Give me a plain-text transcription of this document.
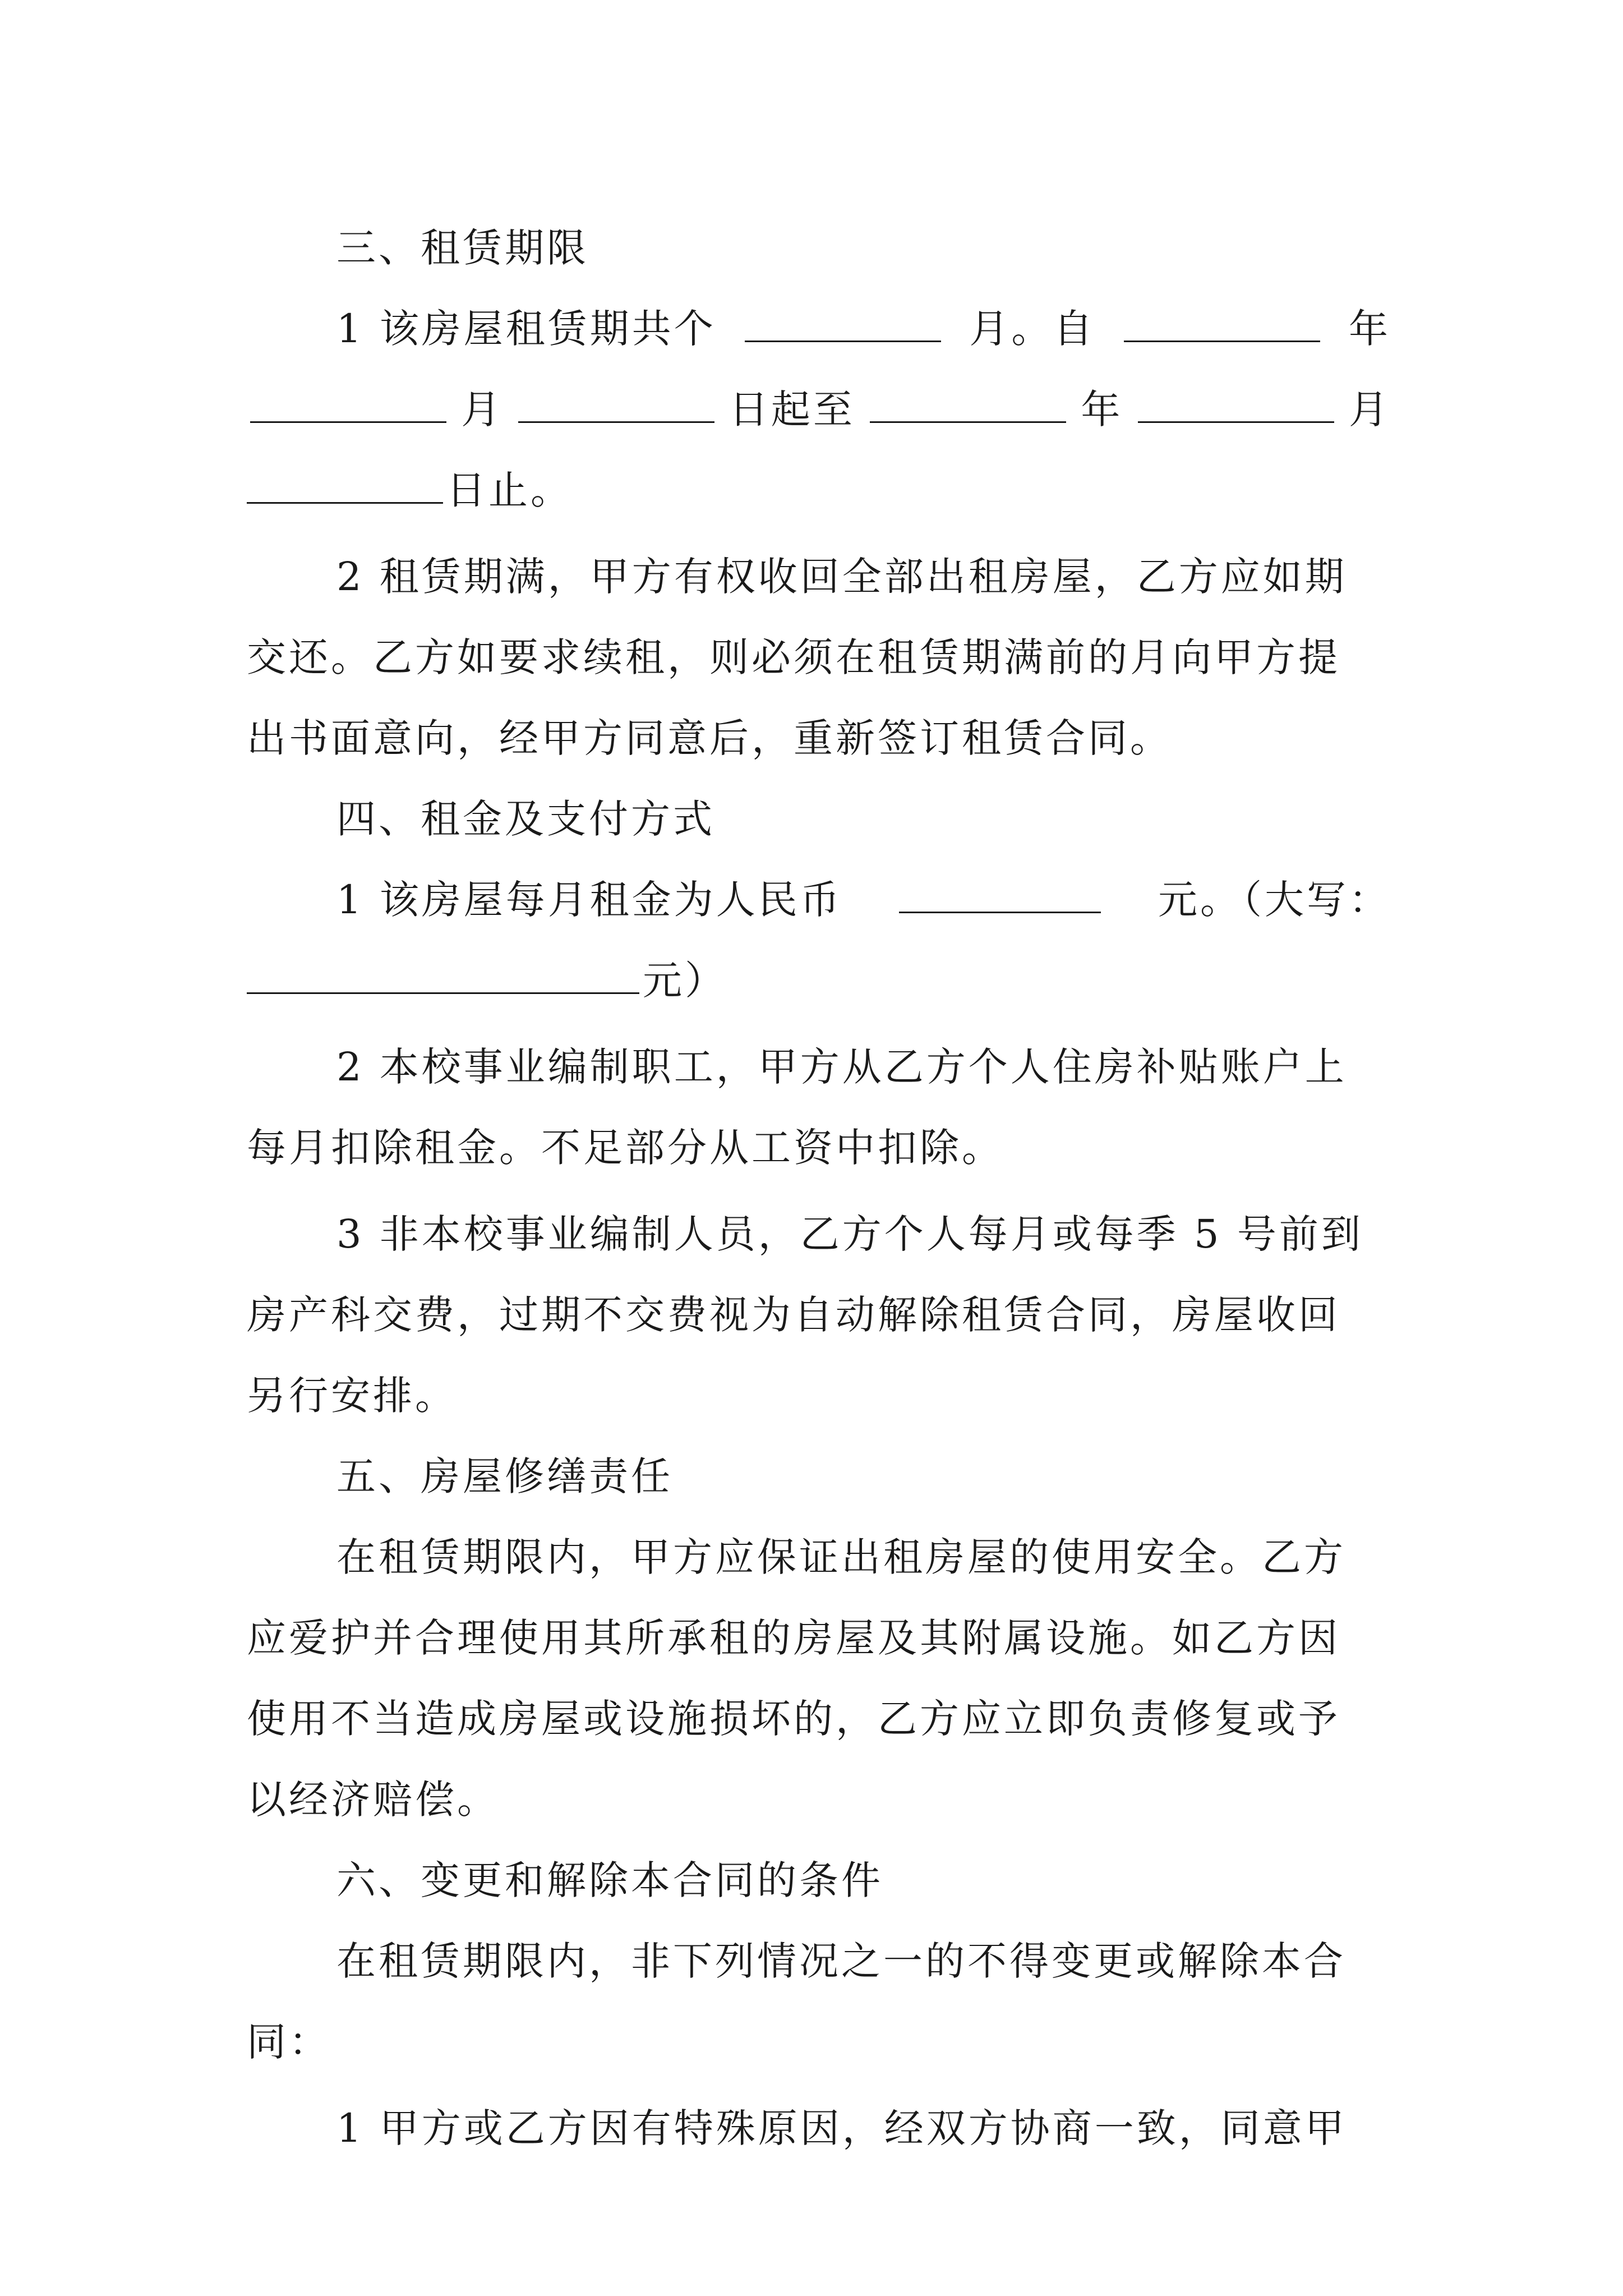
三、租赁期限
1 该房屋租赁期共个	月。自	年
月	日起至	年	月
日止。
2 租赁期满，甲方有权收回全部出租房屋，乙方应如期
交还。乙方如要求续租，则必须在租赁期满前的月向甲方提
出书面意向，经甲方同意后，重新签订租赁合同。
四、租金及支付方式
1 该房屋每月租金为人民币	元。（大写：
元）
2 本校事业编制职工，甲方从乙方个人住房补贴账户上
每月扣除租金。不足部分从工资中扣除。
3 非本校事业编制人员，乙方个人每月或每季 5 号前到
房产科交费，过期不交费视为自动解除租赁合同，房屋收回
另行安排。
五、房屋修缮责任
在租赁期限内，甲方应保证出租房屋的使用安全。乙方
应爱护并合理使用其所承租的房屋及其附属设施。如乙方因
使用不当造成房屋或设施损坏的，乙方应立即负责修复或予
以经济赔偿。
六、变更和解除本合同的条件
在租赁期限内，非下列情况之一的不得变更或解除本合
同：
1 甲方或乙方因有特殊原因，经双方协商一致，同意甲
